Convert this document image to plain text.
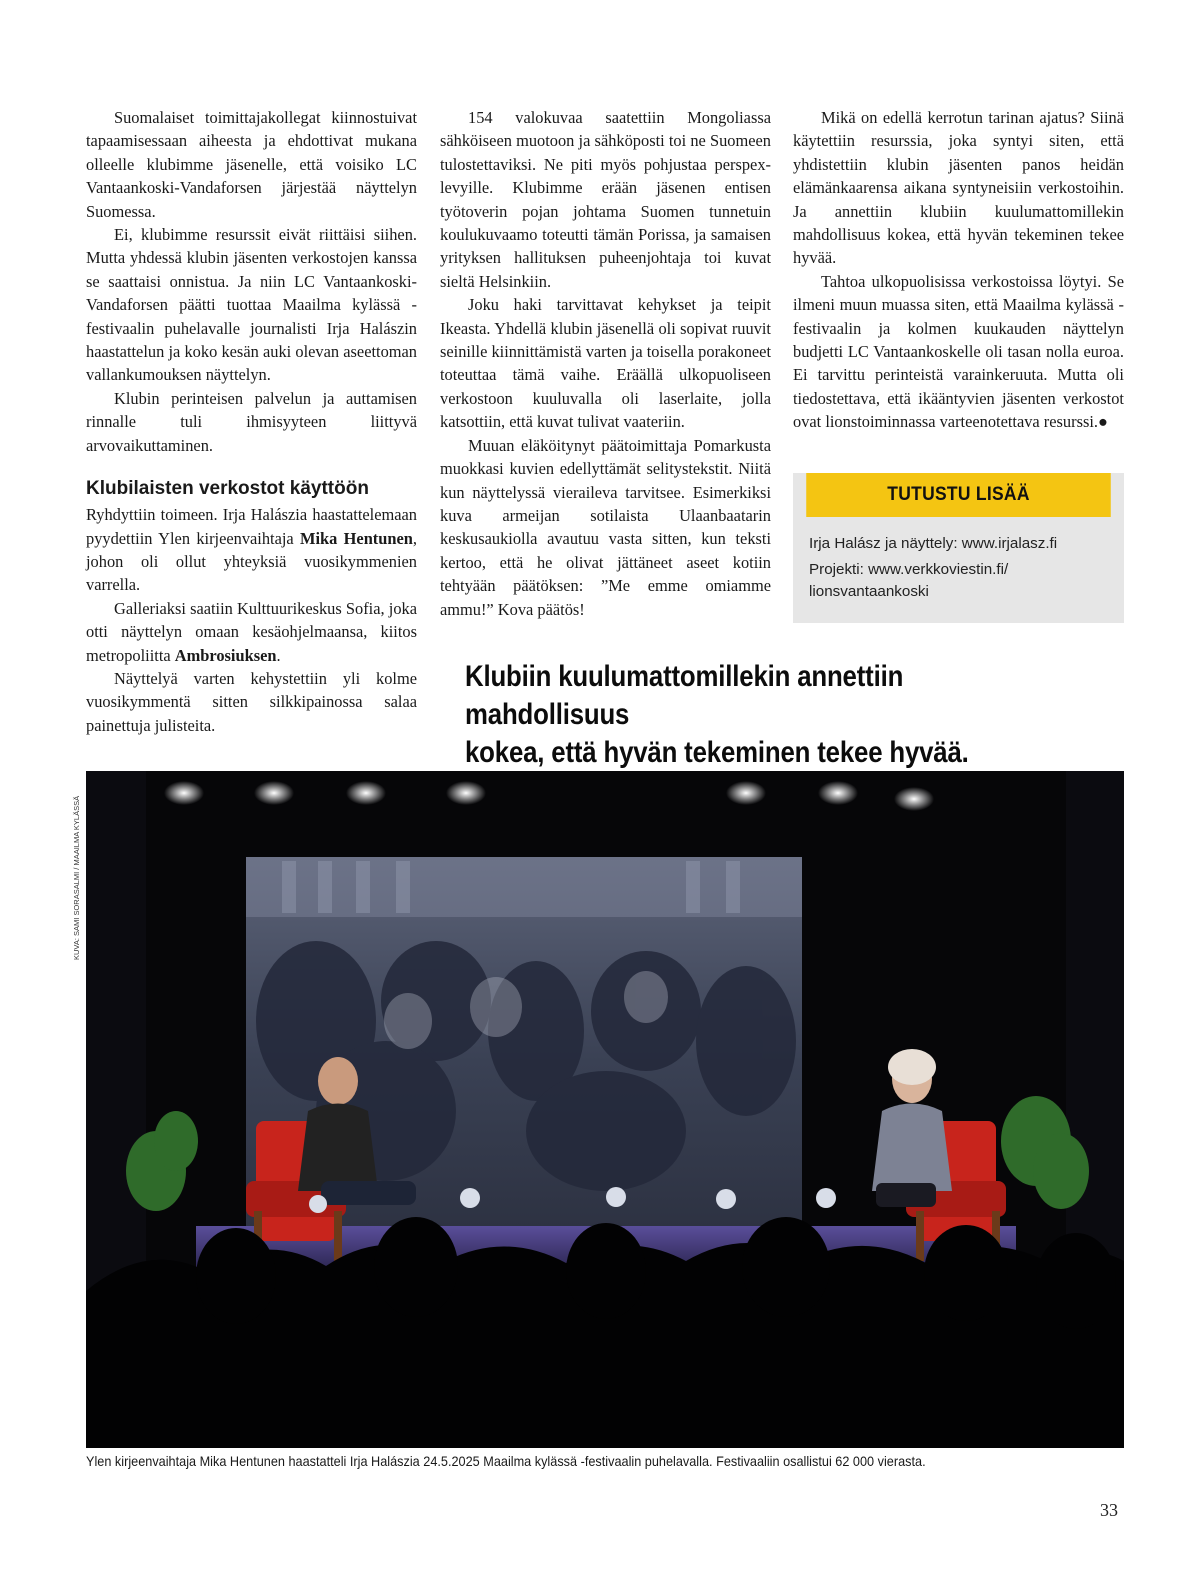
Suomalaiset toimittajakollegat kiinnostuivat tapaamisessaan aiheesta ja ehdottivat mukana olleelle klubimme jäsenelle, että voisiko LC Vantaankoski-Vandaforsen järjestää näyttelyn Suomessa.

Ei, klubimme resurssit eivät riittäisi siihen. Mutta yhdessä klubin jäsenten verkostojen kanssa se saattaisi onnistua. Ja niin LC Vantaankoski-Vandaforsen päätti tuottaa Maailma kylässä -festivaalin puhelavalle journalisti Irja Halászin haastattelun ja koko kesän auki olevan aseettoman vallankumouksen näyttelyn.

Klubin perinteisen palvelun ja auttamisen rinnalle tuli ihmisyyteen liittyvä arvovaikuttaminen.

Klubilaisten verkostot käyttöön

Ryhdyttiin toimeen. Irja Halászia haastattelemaan pyydettiin Ylen kirjeenvaihtaja Mika Hentunen, johon oli ollut yhteyksiä vuosikymmenien varrella.

Galleriaksi saatiin Kulttuurikeskus Sofia, joka otti näyttelyn omaan kesäohjelmaansa, kiitos metropoliitta Ambrosiuksen.

Näyttelyä varten kehystettiin yli kolme vuosikymmentä sitten silkkipainossa salaa painettuja julisteita.

154 valokuvaa saatettiin Mongoliassa sähköiseen muotoon ja sähköposti toi ne Suomeen tulostettaviksi. Ne piti myös pohjustaa perspex-levyille. Klubimme erään jäsenen entisen työtoverin pojan johtama Suomen tunnetuin koulukuvaamo toteutti tämän Porissa, ja samaisen yrityksen hallituksen puheenjohtaja toi kuvat sieltä Helsinkiin.

Joku haki tarvittavat kehykset ja teipit Ikeasta. Yhdellä klubin jäsenellä oli sopivat ruuvit seinille kiinnittämistä varten ja toisella porakoneet toteuttaa tämä vaihe. Eräällä ulkopuoliseen verkostoon kuuluvalla oli laserlaite, jolla katsottiin, että kuvat tulivat vaateriin.

Muuan eläköitynyt päätoimittaja Pomarkusta muokkasi kuvien edellyttämät selitystekstit. Niitä kun näyttelyssä vieraileva tarvitsee. Esimerkiksi kuva armeijan sotilaista Ulaanbaatarin keskusaukiolla avautuu vasta sitten, kun teksti kertoo, että he olivat jättäneet aseet kotiin tehtyään päätöksen: ”Me emme omiamme ammu!” Kova päätös!

Mikä on edellä kerrotun tarinan ajatus? Siinä käytettiin resurssia, joka syntyi siten, että yhdistettiin klubin jäsenten panos heidän elämänkaarensa aikana syntyneisiin verkostoihin. Ja annettiin klubiin kuulumattomillekin mahdollisuus kokea, että hyvän tekeminen tekee hyvää.

Tahtoa ulkopuolisissa verkostoissa löytyi. Se ilmeni muun muassa siten, että Maailma kylässä -festivaalin ja kolmen kuukauden näyttelyn budjetti LC Vantaankoskelle oli tasan nolla euroa. Ei tarvittu perinteistä varainkeruuta. Mutta oli tiedostettava, että ikääntyvien jäsenten verkostot ovat lionstoiminnassa varteenotettava resurssi.●

TUTUSTU LISÄÄ
Irja Halász ja näyttely: www.irjalasz.fi
Projekti: www.verkkoviestin.fi/
lionsvantaankoski
Klubiin kuulumattomillekin annettiin mahdollisuus
kokea, että hyvän tekeminen tekee hyvää.
KUVA: SAMI SORASALMI / MAAILMA KYLÄSSÄ
Ylen kirjeenvaihtaja Mika Hentunen haastatteli Irja Halászia 24.5.2025 Maailma kylässä -festivaalin puhelavalla. Festivaaliin osallistui 62 000 vierasta.
33
